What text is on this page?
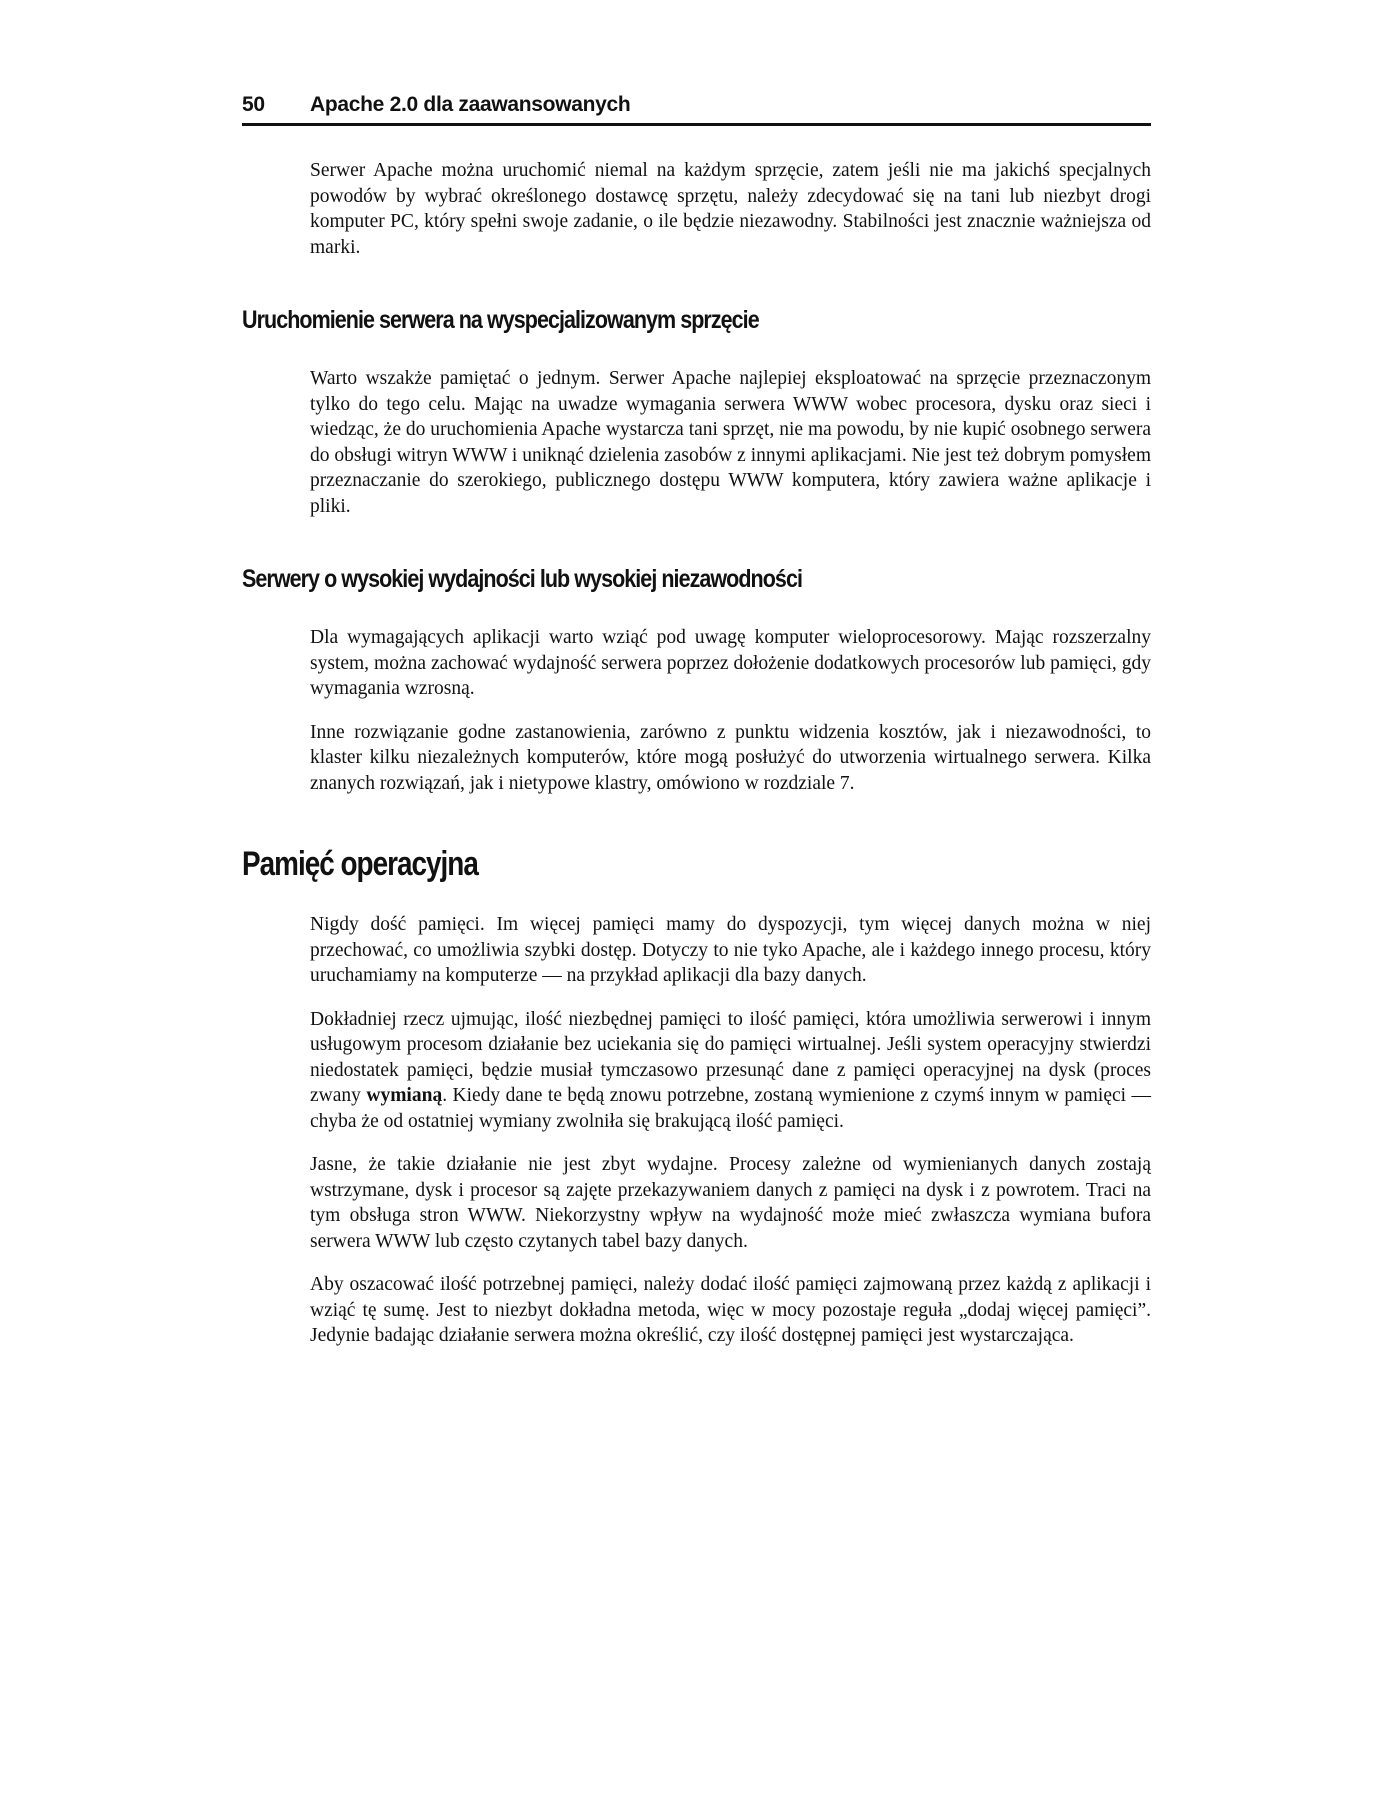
50 Apache 2.0 dla zaawansowanych

Serwer Apache można uruchomić niemal na każdym sprzęcie, zatem jeśli nie ma jakichś specjalnych powodów by wybrać określonego dostawcę sprzętu, należy zdecydować się na tani lub niezbyt drogi komputer PC, który spełni swoje zadanie, o ile będzie niezawodny. Stabilności jest znacznie ważniejsza od marki.

Uruchomienie serwera na wyspecjalizowanym sprzęcie

Warto wszakże pamiętać o jednym. Serwer Apache najlepiej eksploatować na sprzęcie przeznaczonym tylko do tego celu. Mając na uwadze wymagania serwera WWW wobec procesora, dysku oraz sieci i wiedząc, że do uruchomienia Apache wystarcza tani sprzęt, nie ma powodu, by nie kupić osobnego serwera do obsługi witryn WWW i uniknąć dzielenia zasobów z innymi aplikacjami. Nie jest też dobrym pomysłem przeznaczanie do szerokiego, publicznego dostępu WWW komputera, który zawiera ważne aplikacje i pliki.

Serwery o wysokiej wydajności lub wysokiej niezawodności

Dla wymagających aplikacji warto wziąć pod uwagę komputer wieloprocesorowy. Mając rozszerzalny system, można zachować wydajność serwera poprzez dołożenie dodatkowych procesorów lub pamięci, gdy wymagania wzrosną.

Inne rozwiązanie godne zastanowienia, zarówno z punktu widzenia kosztów, jak i niezawodności, to klaster kilku niezależnych komputerów, które mogą posłużyć do utworzenia wirtualnego serwera. Kilka znanych rozwiązań, jak i nietypowe klastry, omówiono w rozdziale 7.

Pamięć operacyjna

Nigdy dość pamięci. Im więcej pamięci mamy do dyspozycji, tym więcej danych można w niej przechować, co umożliwia szybki dostęp. Dotyczy to nie tyko Apache, ale i każdego innego procesu, który uruchamiamy na komputerze — na przykład aplikacji dla bazy danych.

Dokładniej rzecz ujmując, ilość niezbędnej pamięci to ilość pamięci, która umożliwia serwerowi i innym usługowym procesom działanie bez uciekania się do pamięci wirtualnej. Jeśli system operacyjny stwierdzi niedostatek pamięci, będzie musiał tymczasowo przesunąć dane z pamięci operacyjnej na dysk (proces zwany wymianą. Kiedy dane te będą znowu potrzebne, zostaną wymienione z czymś innym w pamięci — chyba że od ostatniej wymiany zwolniła się brakującą ilość pamięci.

Jasne, że takie działanie nie jest zbyt wydajne. Procesy zależne od wymienianych danych zostają wstrzymane, dysk i procesor są zajęte przekazywaniem danych z pamięci na dysk i z powrotem. Traci na tym obsługa stron WWW. Niekorzystny wpływ na wydajność może mieć zwłaszcza wymiana bufora serwera WWW lub często czytanych tabel bazy danych.

Aby oszacować ilość potrzebnej pamięci, należy dodać ilość pamięci zajmowaną przez każdą z aplikacji i wziąć tę sumę. Jest to niezbyt dokładna metoda, więc w mocy pozostaje reguła „dodaj więcej pamięci”. Jedynie badając działanie serwera można określić, czy ilość dostępnej pamięci jest wystarczająca.
